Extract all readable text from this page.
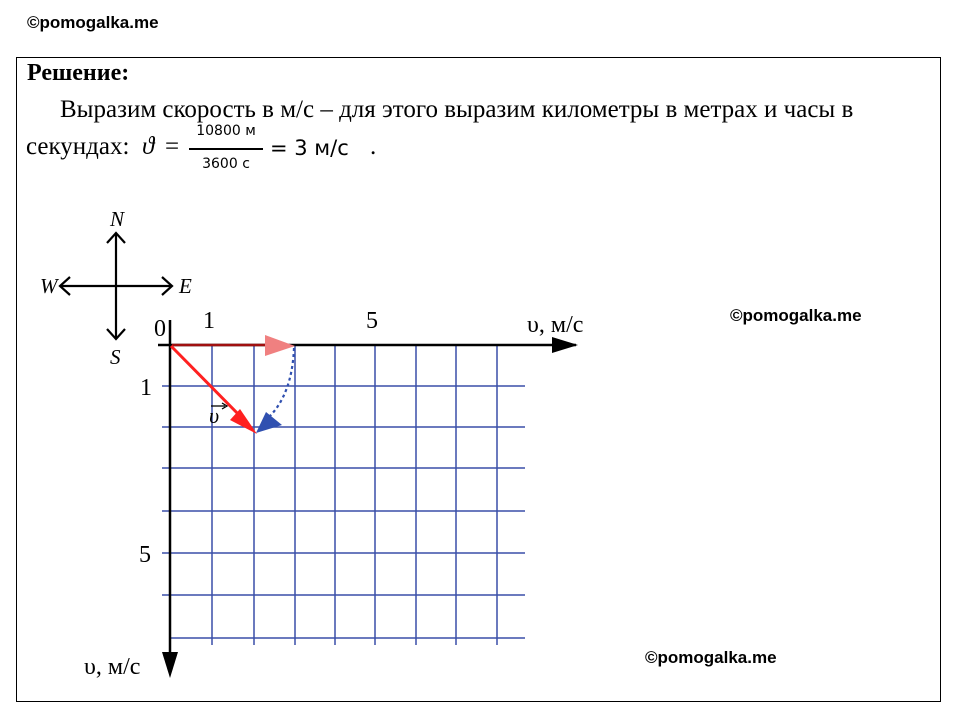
©pomogalka.me
Решение:
Выразим скорость в м/с – для этого выразим километры в метрах и часы в
секундах: ϑ =
10800 м
3600 с
= 3 м/с .
©pomogalka.me
©pomogalka.me
N
S
W	E
0 1	5	υ, м/с
1
5
υ, м/с
υ
